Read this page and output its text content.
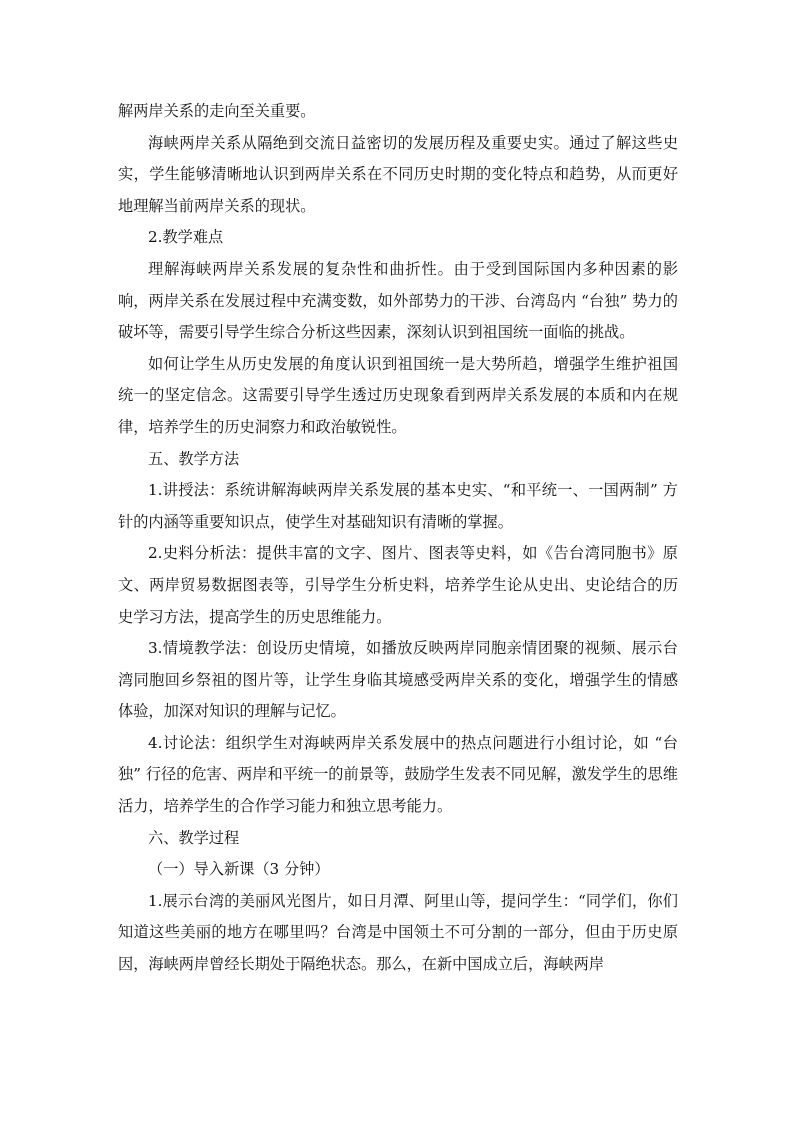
解两岸关系的走向至关重要。

海峡两岸关系从隔绝到交流日益密切的发展历程及重要史实。通过了解这些史实，学生能够清晰地认识到两岸关系在不同历史时期的变化特点和趋势，从而更好地理解当前两岸关系的现状。

2.教学难点

理解海峡两岸关系发展的复杂性和曲折性。由于受到国际国内多种因素的影响，两岸关系在发展过程中充满变数，如外部势力的干涉、台湾岛内 “台独” 势力的破坏等，需要引导学生综合分析这些因素，深刻认识到祖国统一面临的挑战。

如何让学生从历史发展的角度认识到祖国统一是大势所趋，增强学生维护祖国统一的坚定信念。这需要引导学生透过历史现象看到两岸关系发展的本质和内在规律，培养学生的历史洞察力和政治敏锐性。

五、教学方法

1.讲授法：系统讲解海峡两岸关系发展的基本史实、“和平统一、一国两制” 方针的内涵等重要知识点，使学生对基础知识有清晰的掌握。

2.史料分析法：提供丰富的文字、图片、图表等史料，如《告台湾同胞书》原文、两岸贸易数据图表等，引导学生分析史料，培养学生论从史出、史论结合的历史学习方法，提高学生的历史思维能力。

3.情境教学法：创设历史情境，如播放反映两岸同胞亲情团聚的视频、展示台湾同胞回乡祭祖的图片等，让学生身临其境感受两岸关系的变化，增强学生的情感体验，加深对知识的理解与记忆。

4.讨论法：组织学生对海峡两岸关系发展中的热点问题进行小组讨论，如 “台独” 行径的危害、两岸和平统一的前景等，鼓励学生发表不同见解，激发学生的思维活力，培养学生的合作学习能力和独立思考能力。

六、教学过程

（一）导入新课（3 分钟）

1.展示台湾的美丽风光图片，如日月潭、阿里山等，提问学生：“同学们，你们知道这些美丽的地方在哪里吗？台湾是中国领土不可分割的一部分，但由于历史原因，海峡两岸曾经长期处于隔绝状态。那么，在新中国成立后，海峡两岸
